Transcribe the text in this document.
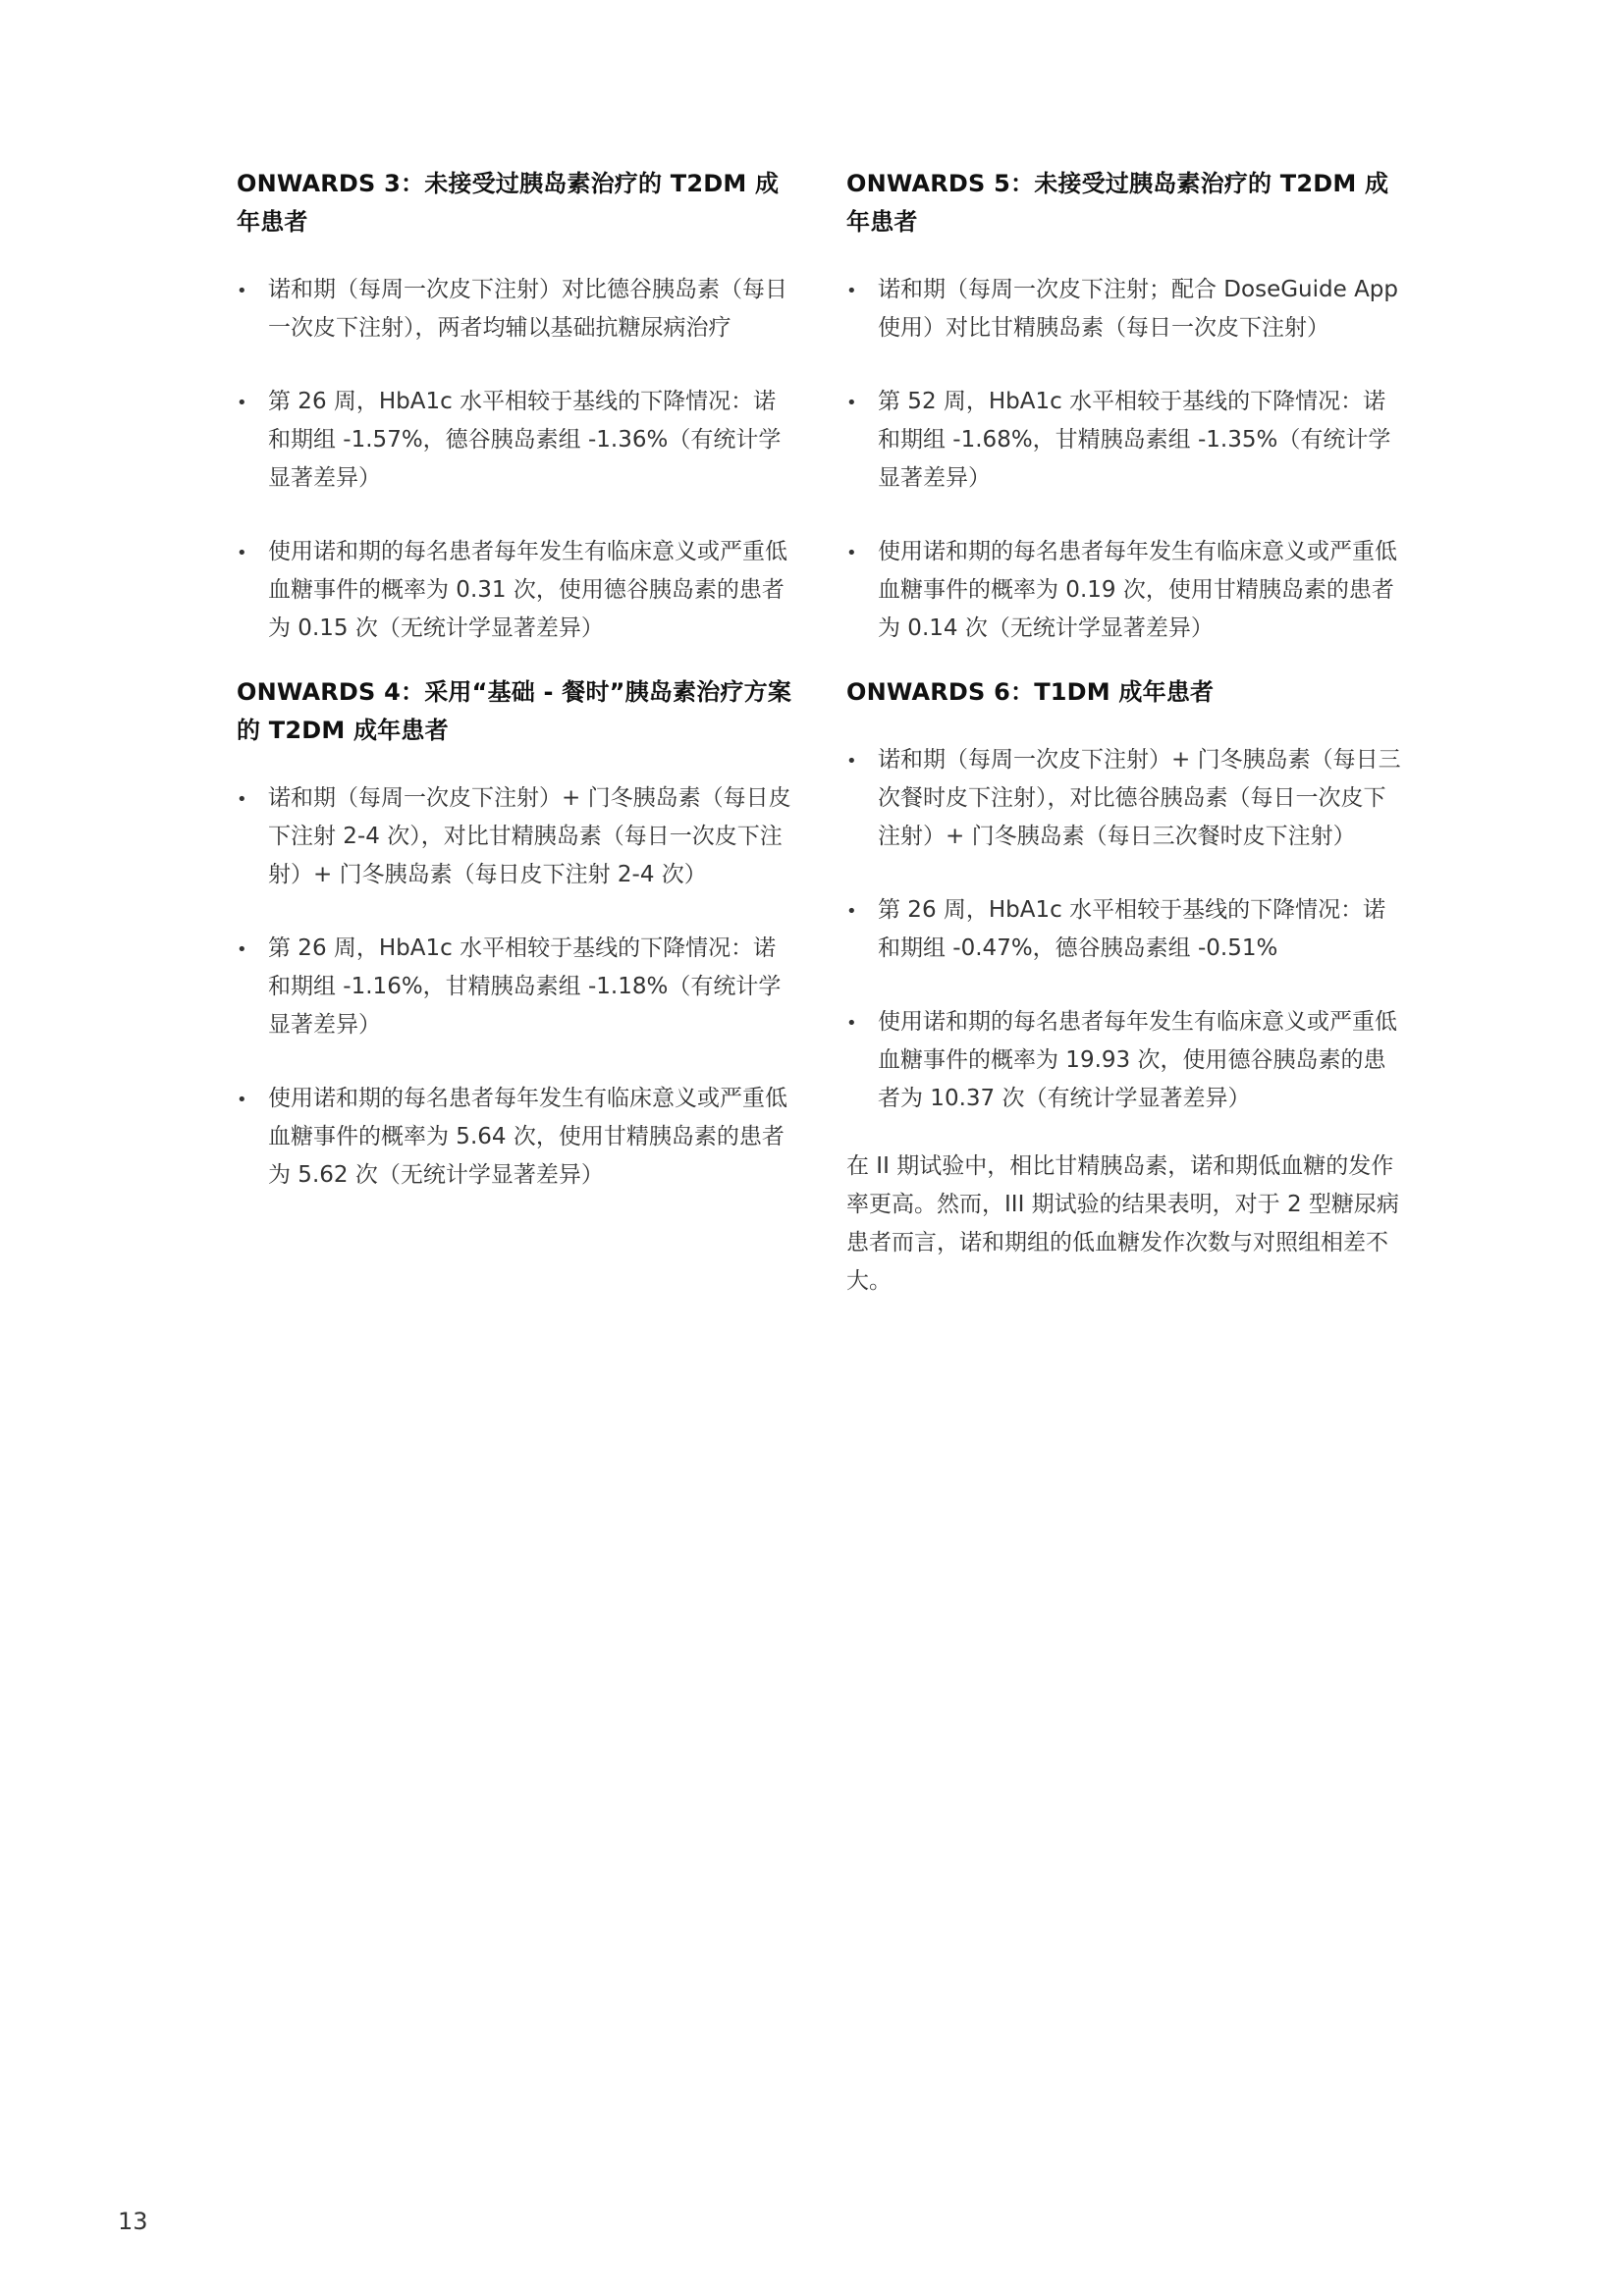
ONWARDS 3：未接受过胰岛素治疗的 T2DM 成年患者
• 诺和期（每周一次皮下注射）对比德谷胰岛素（每日一次皮下注射），两者均辅以基础抗糖尿病治疗
• 第 26 周，HbA1c 水平相较于基线的下降情况：诺和期组 -1.57%，德谷胰岛素组 -1.36%（有统计学显著差异）
• 使用诺和期的每名患者每年发生有临床意义或严重低血糖事件的概率为 0.31 次，使用德谷胰岛素的患者为 0.15 次（无统计学显著差异）
ONWARDS 4：采用“基础 - 餐时”胰岛素治疗方案的 T2DM 成年患者
• 诺和期（每周一次皮下注射）+ 门冬胰岛素（每日皮下注射 2-4 次），对比甘精胰岛素（每日一次皮下注射）+ 门冬胰岛素（每日皮下注射 2-4 次）
• 第 26 周，HbA1c 水平相较于基线的下降情况：诺和期组 -1.16%，甘精胰岛素组 -1.18%（有统计学显著差异）
• 使用诺和期的每名患者每年发生有临床意义或严重低血糖事件的概率为 5.64 次，使用甘精胰岛素的患者为 5.62 次（无统计学显著差异）
ONWARDS 5：未接受过胰岛素治疗的 T2DM 成年患者
• 诺和期（每周一次皮下注射；配合 DoseGuide App 使用）对比甘精胰岛素（每日一次皮下注射）
• 第 52 周，HbA1c 水平相较于基线的下降情况：诺和期组 -1.68%，甘精胰岛素组 -1.35%（有统计学显著差异）
• 使用诺和期的每名患者每年发生有临床意义或严重低血糖事件的概率为 0.19 次，使用甘精胰岛素的患者为 0.14 次（无统计学显著差异）
ONWARDS 6：T1DM 成年患者
• 诺和期（每周一次皮下注射）+ 门冬胰岛素（每日三次餐时皮下注射），对比德谷胰岛素（每日一次皮下注射）+ 门冬胰岛素（每日三次餐时皮下注射）
• 第 26 周，HbA1c 水平相较于基线的下降情况：诺和期组 -0.47%，德谷胰岛素组 -0.51%
• 使用诺和期的每名患者每年发生有临床意义或严重低血糖事件的概率为 19.93 次，使用德谷胰岛素的患者为 10.37 次（有统计学显著差异）

在 II 期试验中，相比甘精胰岛素，诺和期低血糖的发作率更高。然而，III 期试验的结果表明，对于 2 型糖尿病患者而言，诺和期组的低血糖发作次数与对照组相差不大。

13
